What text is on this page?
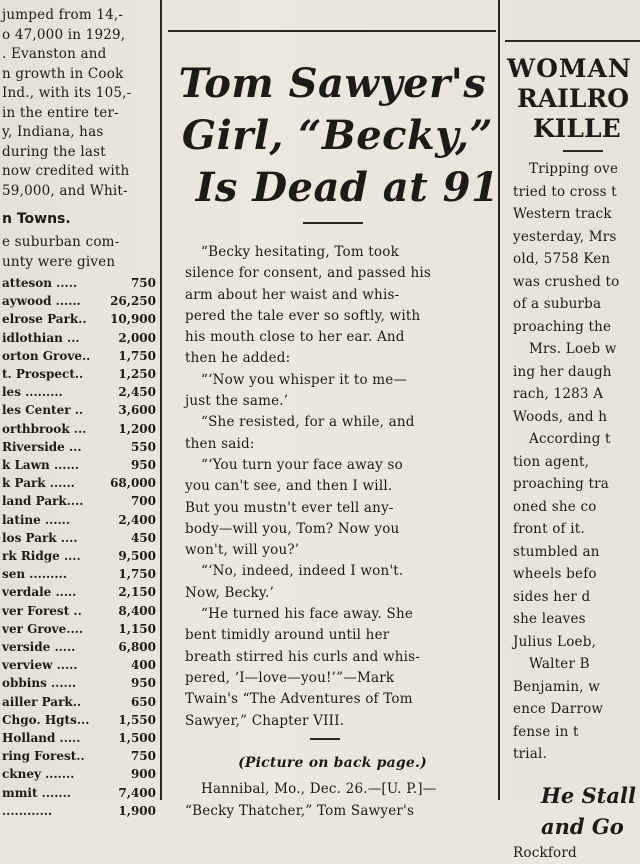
jumped from 14,-
o 47,000 in 1929,
. Evanston and
n growth in Cook
Ind., with its 105,-
in the entire ter-
y, Indiana, has
during the last
now credited with
59,000, and Whit-
n Towns.
e suburban com-
unty were given
atteson .....	750
aywood ......	26,250
elrose Park..	10,900
idlothian ...	2,000
orton Grove..	1,750
t. Prospect..	1,250
les .........	2,450
les Center ..	3,600
orthbrook ...	1,200
Riverside ...	550
k Lawn ......	950
k Park ......	68,000
land Park....	700
latine ......	2,400
los Park ....	450
rk Ridge ....	9,500
sen .........	1,750
verdale .....	2,150
ver Forest ..	8,400
ver Grove....	1,150
verside .....	6,800
verview .....	400
obbins ......	950
ailler Park..	650
Chgo. Hgts...	1,550
Holland .....	1,500
ring Forest..	750
ckney .......	900
mmit .......	7,400
............	1,900
Tom Sawyer's
Girl, “Becky,”
Is Dead at 91
“Becky hesitating, Tom took
silence for consent, and passed his
arm about her waist and whis-
pered the tale ever so softly, with
his mouth close to her ear. And
then he added:
“‘Now you whisper it to me—
just the same.’
“She resisted, for a while, and
then said:
“‘You turn your face away so
you can't see, and then I will.
But you mustn't ever tell any-
body—will you, Tom? Now you
won't, will you?’
“‘No, indeed, indeed I won't.
Now, Becky.’
“He turned his face away. She
bent timidly around until her
breath stirred his curls and whis-
pered, ‘I—love—you!’”—Mark
Twain's “The Adventures of Tom
Sawyer,” Chapter VIII.
(Picture on back page.)
Hannibal, Mo., Dec. 26.—[U. P.]—
“Becky Thatcher,” Tom Sawyer's
WOMAN
RAILRO
KILLE
Tripping ove
tried to cross t
Western track
yesterday, Mrs
old, 5758 Ken
was crushed to
of a suburba
proaching the
Mrs. Loeb w
ing her daugh
rach, 1283 A
Woods, and h
According t
tion agent,
proaching tra
oned she co
front of it.
stumbled an
wheels befo
sides her d
she leaves
Julius Loeb,
Walter B
Benjamin, w
ence Darrow
fense in t
trial.
He Stall
and Go
Rockford
